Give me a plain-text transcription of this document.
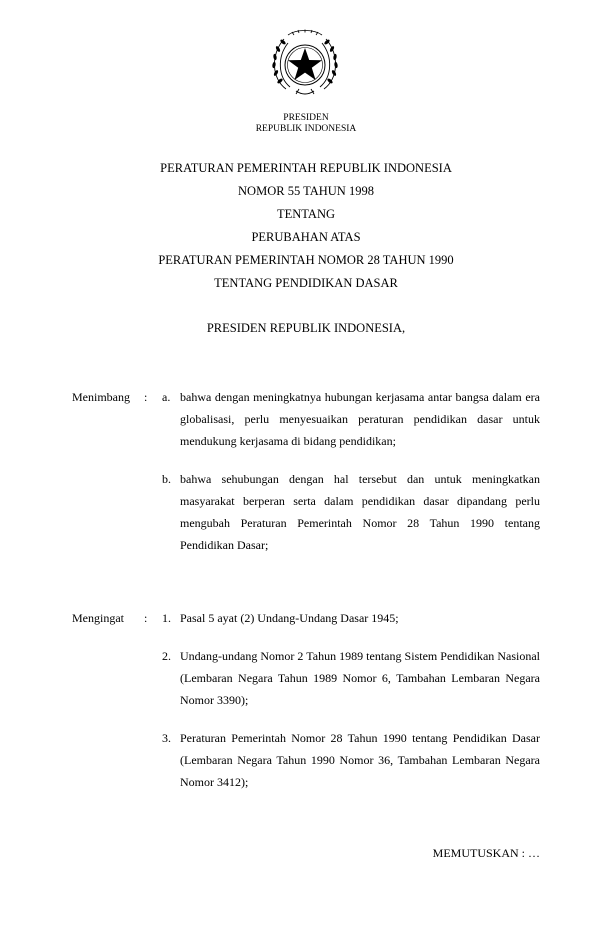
PRESIDEN
REPUBLIK INDONESIA
PERATURAN PEMERINTAH REPUBLIK INDONESIA
NOMOR 55 TAHUN 1998
TENTANG
PERUBAHAN ATAS
PERATURAN PEMERINTAH NOMOR 28 TAHUN 1990
TENTANG PENDIDIKAN DASAR
PRESIDEN REPUBLIK INDONESIA,
Menimbang : a. bahwa dengan meningkatnya hubungan kerjasama antar bangsa dalam era globalisasi, perlu menyesuaikan peraturan pendidikan dasar untuk mendukung kerjasama di bidang pendidikan;
b. bahwa sehubungan dengan hal tersebut dan untuk meningkatkan masyarakat berperan serta dalam pendidikan dasar dipandang perlu mengubah Peraturan Pemerintah Nomor 28 Tahun 1990 tentang Pendidikan Dasar;
Mengingat : 1. Pasal 5 ayat (2) Undang-Undang Dasar 1945;
2. Undang-undang Nomor 2 Tahun 1989 tentang Sistem Pendidikan Nasional (Lembaran Negara Tahun 1989 Nomor 6, Tambahan Lembaran Negara Nomor 3390);
3. Peraturan Pemerintah Nomor 28 Tahun 1990 tentang Pendidikan Dasar (Lembaran Negara Tahun 1990 Nomor 36, Tambahan Lembaran Negara Nomor 3412);
MEMUTUSKAN : …
